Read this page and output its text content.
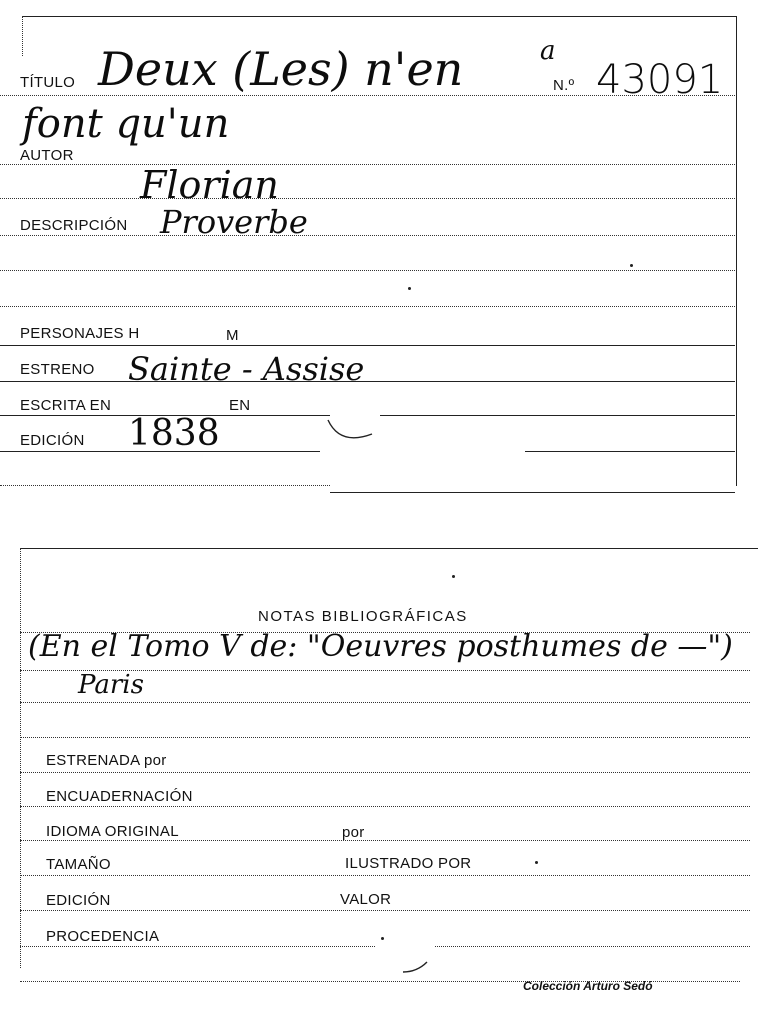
TÍTULO Deux (Les) n'en	a
N.º 43091
font qu'un
AUTOR
Florian
DESCRIPCIÓN Proverbe
PERSONAJES H	M
ESTRENO Sainte - Assise
ESCRITA EN	EN
EDICIÓN 1838
NOTAS BIBLIOGRÁFICAS
(En el Tomo V de: "Oeuvres posthumes de —")
Paris
ESTRENADA por
ENCUADERNACIÓN
IDIOMA ORIGINAL	por
TAMAÑO	ILUSTRADO POR
EDICIÓN	VALOR
PROCEDENCIA
Colección Arturo Sedó
